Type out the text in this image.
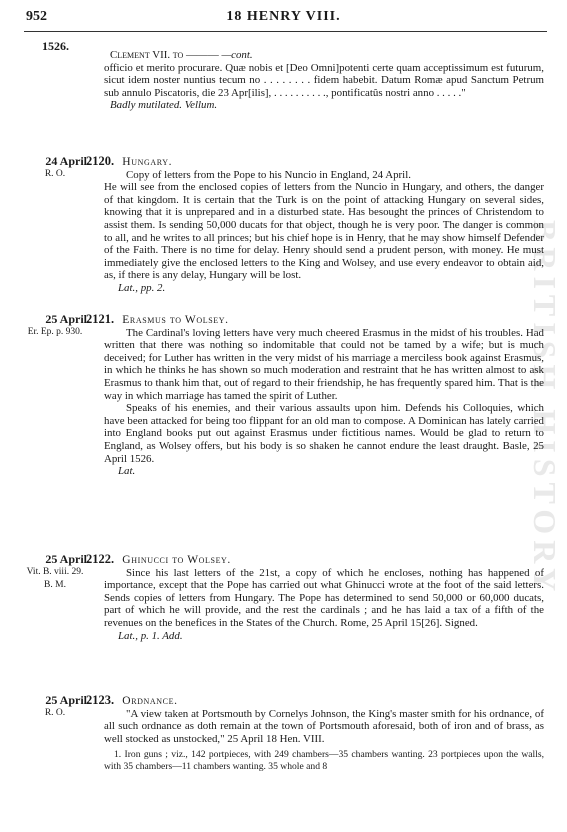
952	18 HENRY VIII.
BRITISH HISTORY
1526.

Clement VII. to ——— —cont.

officio et merito procurare. Quæ nobis et [Deo Omni]potenti certe quam acceptissimum est futurum, sicut idem noster nuntius tecum no . . . . . . . . fidem habebit. Datum Romæ apud Sanctum Petrum sub annulo Piscatoris, die 23 Apr[ilis], . . . . . . . . . ., pontificatûs nostri anno . . . . ."

Badly mutilated. Vellum.

24 April.
R. O.

2120. Hungary.

Copy of letters from the Pope to his Nuncio in England, 24 April.

He will see from the enclosed copies of letters from the Nuncio in Hungary, and others, the danger of that kingdom. It is certain that the Turk is on the point of attacking Hungary on several sides, knowing that it is unprepared and in a disturbed state. Has besought the princes of Christendom to assist them. Is sending 50,000 ducats for that object, though he is very poor. The danger is common to all, and he writes to all princes; but his chief hope is in Henry, that he may show himself Defender of the Faith. There is no time for delay. Henry should send a prudent person, with money. He must immediately give the enclosed letters to the King and Wolsey, and use every endeavor to obtain aid, as, if there is any delay, Hungary will be lost.

Lat., pp. 2.

25 April.
Er. Ep. p. 930.

2121. Erasmus to Wolsey.

The Cardinal's loving letters have very much cheered Erasmus in the midst of his troubles. Had written that there was nothing so indomitable that could not be tamed by a wife; but is much deceived; for Luther has written in the very midst of his marriage a merciless book against Erasmus, in which he thinks he has shown so much moderation and restraint that he has written almost to ask Erasmus to thank him that, out of regard to their friendship, he has frequently spared him. That is the way in which marriage has tamed the spirit of Luther.

Speaks of his enemies, and their various assaults upon him. Defends his Colloquies, which have been attacked for being too flippant for an old man to compose. A Dominican has lately carried into England books put out against Erasmus under fictitious names. Would be glad to return to England, as Wolsey offers, but his body is so shaken he cannot endure the least draught. Basle, 25 April 1526.

Lat.

25 April.
Vit. B. viii. 29.
B. M.

2122. Ghinucci to Wolsey.

Since his last letters of the 21st, a copy of which he encloses, nothing has happened of importance, except that the Pope has carried out what Ghinucci wrote at the foot of the said letters. Sends copies of letters from Hungary. The Pope has determined to send 50,000 or 60,000 ducats, part of which he will provide, and the rest the cardinals ; and he has laid a tax of a fifth of the revenues on the benefices in the States of the Church. Rome, 25 April 15[26]. Signed.

Lat., p. 1. Add.

25 April.
R. O.

2123. Ordnance.

"A view taken at Portsmouth by Cornelys Johnson, the King's master smith for his ordnance, of all such ordnance as doth remain at the town of Portsmouth aforesaid, both of iron and of brass, as well stocked as unstocked," 25 April 18 Hen. VIII.

1. Iron guns ; viz., 142 portpieces, with 249 chambers—35 chambers wanting. 23 portpieces upon the walls, with 35 chambers—11 chambers wanting. 35 whole and 8
